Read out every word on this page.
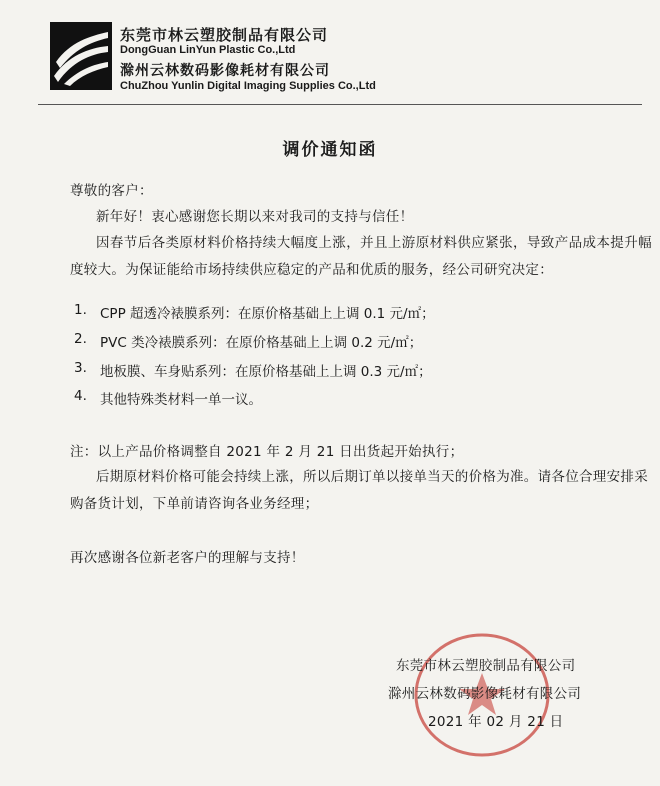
东莞市林云塑胶制品有限公司
DongGuan LinYun Plastic Co.,Ltd
滁州云林数码影像耗材有限公司
ChuZhou Yunlin Digital Imaging Supplies Co.,Ltd
调价通知函
尊敬的客户：
新年好！衷心感谢您长期以来对我司的支持与信任！
因春节后各类原材料价格持续大幅度上涨，并且上游原材料供应紧张，导致产品成本提升幅
度较大。为保证能给市场持续供应稳定的产品和优质的服务，经公司研究决定：
1. CPP 超透冷裱膜系列：在原价格基础上上调 0.1 元/㎡；
2. PVC 类冷裱膜系列：在原价格基础上上调 0.2 元/㎡；
3. 地板膜、车身贴系列：在原价格基础上上调 0.3 元/㎡；
4. 其他特殊类材料一单一议。
注：以上产品价格调整自 2021 年 2 月 21 日出货起开始执行；
后期原材料价格可能会持续上涨，所以后期订单以接单当天的价格为准。请各位合理安排采
购备货计划，下单前请咨询各业务经理；
再次感谢各位新老客户的理解与支持！
东莞市林云塑胶制品有限公司
滁州云林数码影像耗材有限公司
2021 年 02 月 21 日
